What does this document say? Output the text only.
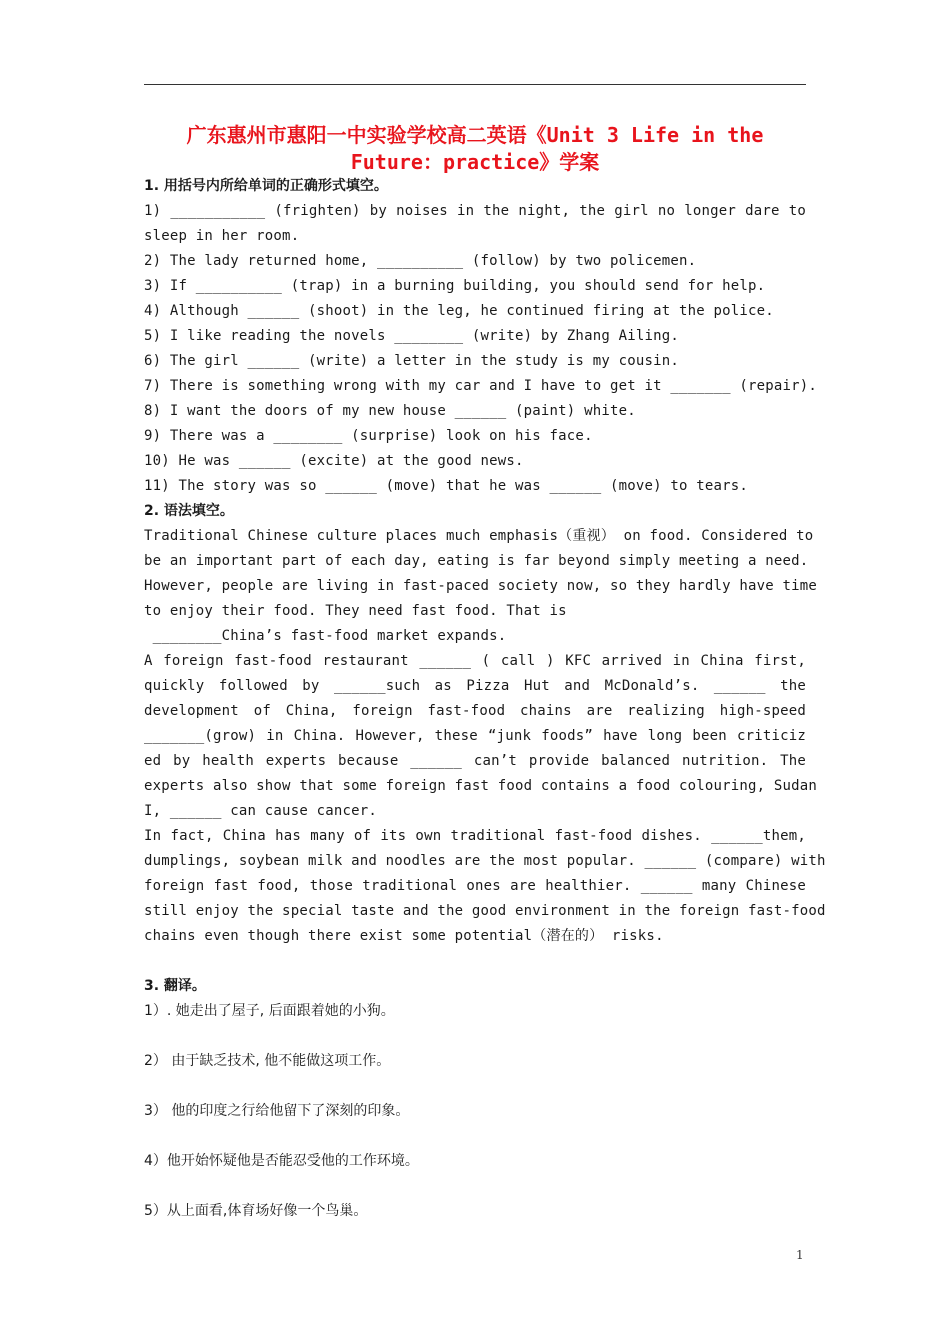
广东惠州市惠阳一中实验学校高二英语《Unit 3 Life in the
Future：practice》学案

1. 用括号内所给单词的正确形式填空。

1) ___________ (frighten) by noises in the night, the girl no longer dare to

sleep in her room.

2) The lady returned home, __________ (follow) by two policemen.

3) If __________ (trap) in a burning building, you should send for help.

4) Although ______ (shoot) in the leg, he continued firing at the police.

5) I like reading the novels ________ (write) by Zhang Ailing.

6) The girl ______ (write) a letter in the study is my cousin.

7) There is something wrong with my car and I have to get it _______ (repair).

8) I want the doors of my new house ______ (paint) white.

9) There was a ________ (surprise) look on his face.

10) He was ______ (excite) at the good news.

11) The story was so ______ (move) that he was ______ (move) to tears.

2. 语法填空。

Traditional Chinese culture places much emphasis（重视） on food. Considered to

be an important part of each day, eating is far beyond simply meeting a need.

However, people are living in fast-paced society now, so they hardly have time

to enjoy their food. They need fast food. That is

________China’s fast-food market expands.

A foreign fast-food restaurant ______ ( call ) KFC arrived in China first,

quickly followed by ______such as Pizza Hut and McDonald’s. ______ the

development of China, foreign fast-food chains are realizing high-speed

_______(grow) in China. However, these “junk foods” have long been criticiz

ed by health experts because ______ can’t provide balanced nutrition. The

experts also show that some foreign fast food contains a food colouring, Sudan

I, ______ can cause cancer.

In fact, China has many of its own traditional fast-food dishes. ______them,

dumplings, soybean milk and noodles are the most popular. ______ (compare) with

foreign fast food, those traditional ones are healthier. ______ many Chinese

still enjoy the special taste and the good environment in the foreign fast-food

chains even though there exist some potential（潜在的） risks.

3. 翻译。

1）. 她走出了屋子, 后面跟着她的小狗。

2） 由于缺乏技术, 他不能做这项工作。

3） 他的印度之行给他留下了深刻的印象。

4）他开始怀疑他是否能忍受他的工作环境。

5）从上面看,体育场好像一个鸟巢。

1
